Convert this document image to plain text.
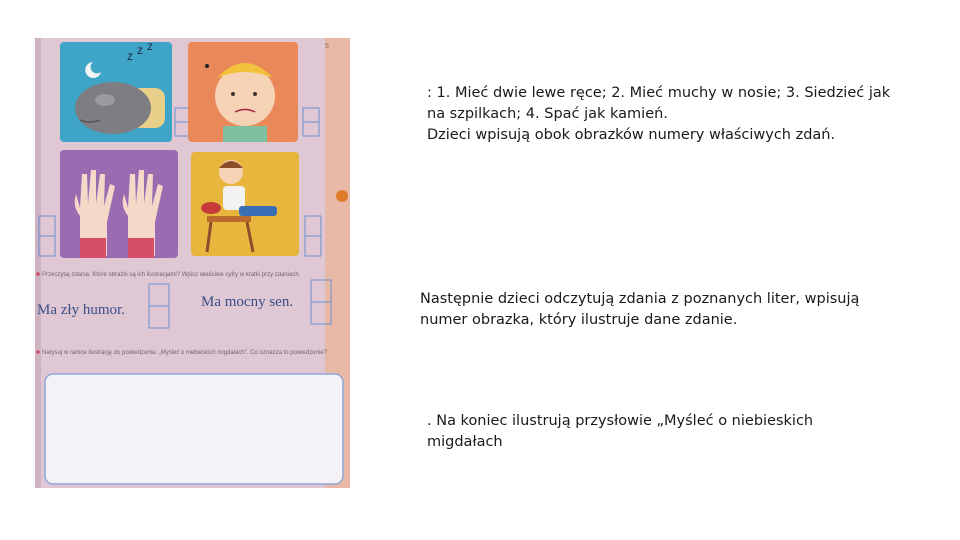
5
z z z
Przeczytaj zdania. Które obrazki są ich ilustracjami? Wpisz właściwe cyfry w kratki przy zdaniach.
Ma zły humor.	Ma mocny sen.
Narysuj w ramce ilustrację do powiedzenia: „Myśleć o niebieskich migdałach". Co oznacza to powiedzenie?
: 1. Mieć dwie lewe ręce; 2. Mieć muchy w nosie; 3. Siedzieć jak
na szpilkach; 4. Spać jak kamień.
Dzieci wpisują obok obrazków numery właściwych zdań.
Następnie dzieci odczytują zdania z poznanych liter, wpisują
numer obrazka, który ilustruje dane zdanie.
. Na koniec ilustrują przysłowie „Myśleć o niebieskich
migdałach
